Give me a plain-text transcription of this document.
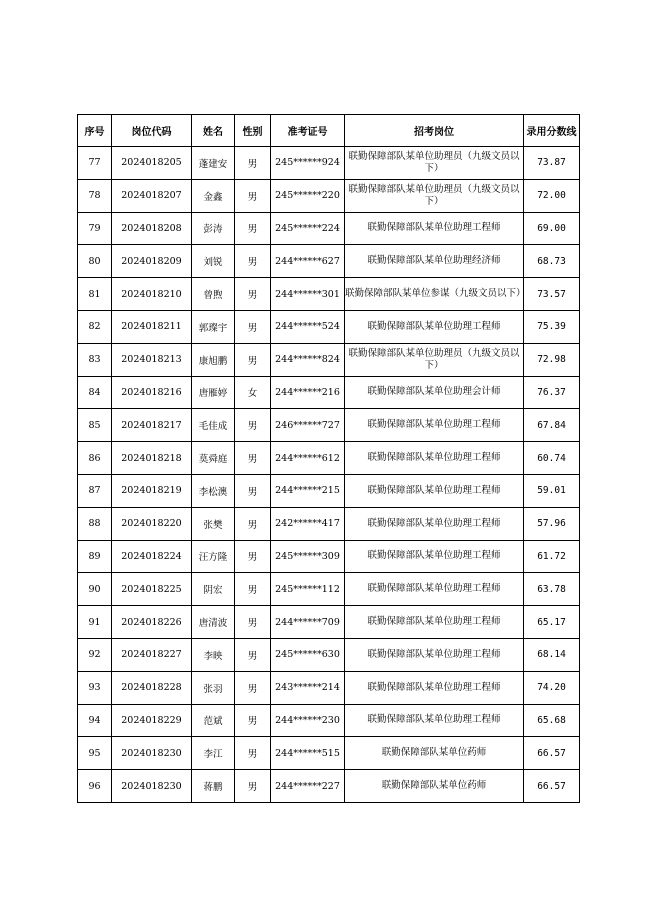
序号	岗位代码	姓名	性别	准考证号	招考岗位	录用分数线
77	2024018205	蓬建安	男	245******924	联勤保障部队某单位助理员（九级文员以下）	73.87
78	2024018207	金鑫	男	245******220	联勤保障部队某单位助理员（九级文员以下）	72.00
79	2024018208	彭涛	男	245******224	联勤保障部队某单位助理工程师	69.00
80	2024018209	刘锐	男	244******627	联勤保障部队某单位助理经济师	68.73
81	2024018210	曾煦	男	244******301	联勤保障部队某单位参谋（九级文员以下）	73.57
82	2024018211	郭璨宇	男	244******524	联勤保障部队某单位助理工程师	75.39
83	2024018213	康旭鹏	男	244******824	联勤保障部队某单位助理员（九级文员以下）	72.98
84	2024018216	唐雁婷	女	244******216	联勤保障部队某单位助理会计师	76.37
85	2024018217	毛佳成	男	246******727	联勤保障部队某单位助理工程师	67.84
86	2024018218	莫舜庭	男	244******612	联勤保障部队某单位助理工程师	60.74
87	2024018219	李松澳	男	244******215	联勤保障部队某单位助理工程师	59.01
88	2024018220	张樊	男	242******417	联勤保障部队某单位助理工程师	57.96
89	2024018224	汪方隆	男	245******309	联勤保障部队某单位助理工程师	61.72
90	2024018225	阴宏	男	245******112	联勤保障部队某单位助理工程师	63.78
91	2024018226	唐清波	男	244******709	联勤保障部队某单位助理工程师	65.17
92	2024018227	李映	男	245******630	联勤保障部队某单位助理工程师	68.14
93	2024018228	张羽	男	243******214	联勤保障部队某单位助理工程师	74.20
94	2024018229	范斌	男	244******230	联勤保障部队某单位助理工程师	65.68
95	2024018230	李江	男	244******515	联勤保障部队某单位药师	66.57
96	2024018230	蒋鹏	男	244******227	联勤保障部队某单位药师	66.57
